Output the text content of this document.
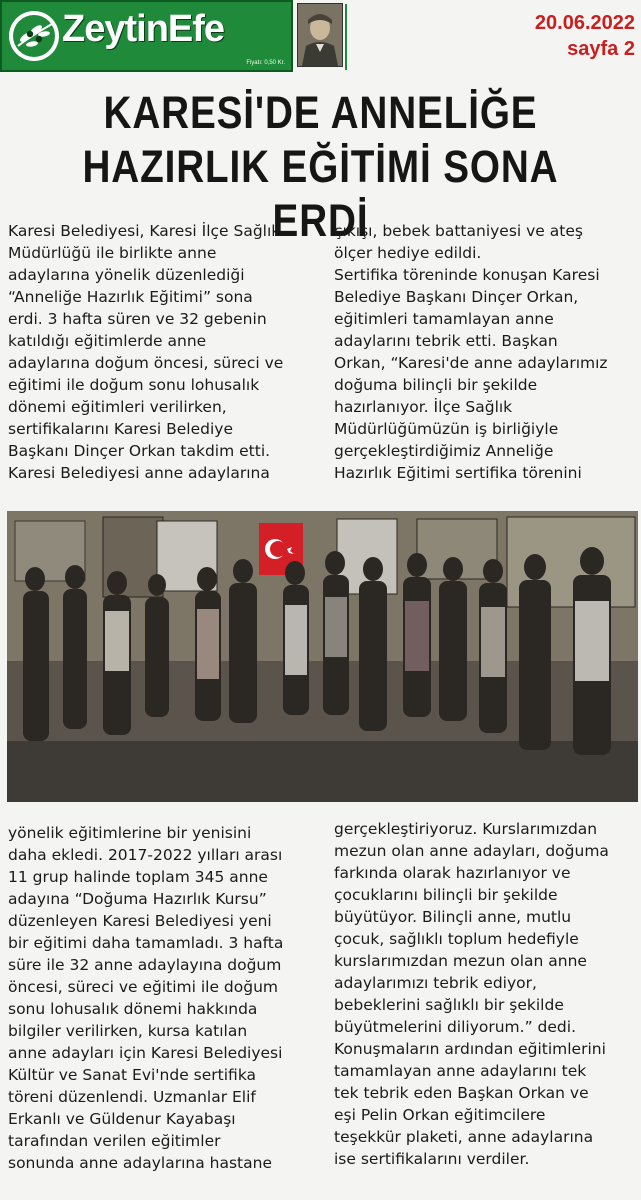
ZeytinEfe
Fiyatı: 0,50 Kr.
20.06.2022
sayfa 2
KARESİ'DE ANNELİĞE
HAZIRLIK EĞİTİMİ SONA ERDİ

Karesi Belediyesi, Karesi İlçe Sağlık

Müdürlüğü ile birlikte anne

adaylarına yönelik düzenlediği

“Anneliğe Hazırlık Eğitimi” sona

erdi. 3 hafta süren ve 32 gebenin

katıldığı eğitimlerde anne

adaylarına doğum öncesi, süreci ve

eğitimi ile doğum sonu lohusalık

dönemi eğitimleri verilirken,

sertifikalarını Karesi Belediye

Başkanı Dinçer Orkan takdim etti.

Karesi Belediyesi anne adaylarına

çıkışı, bebek battaniyesi ve ateş

ölçer hediye edildi.

Sertifika töreninde konuşan Karesi

Belediye Başkanı Dinçer Orkan,

eğitimleri tamamlayan anne

adaylarını tebrik etti. Başkan

Orkan, “Karesi'de anne adaylarımız

doğuma bilinçli bir şekilde

hazırlanıyor. İlçe Sağlık

Müdürlüğümüzün iş birliğiyle

gerçekleştirdiğimiz Anneliğe

Hazırlık Eğitimi sertifika törenini

yönelik eğitimlerine bir yenisini

daha ekledi. 2017-2022 yılları arası

11 grup halinde toplam 345 anne

adayına “Doğuma Hazırlık Kursu”

düzenleyen Karesi Belediyesi yeni

bir eğitimi daha tamamladı. 3 hafta

süre ile 32 anne adaylayına doğum

öncesi, süreci ve eğitimi ile doğum

sonu lohusalık dönemi hakkında

bilgiler verilirken, kursa katılan

anne adayları için Karesi Belediyesi

Kültür ve Sanat Evi'nde sertifika

töreni düzenlendi. Uzmanlar Elif

Erkanlı ve Güldenur Kayabaşı

tarafından verilen eğitimler

sonunda anne adaylarına hastane

gerçekleştiriyoruz. Kurslarımızdan

mezun olan anne adayları, doğuma

farkında olarak hazırlanıyor ve

çocuklarını bilinçli bir şekilde

büyütüyor. Bilinçli anne, mutlu

çocuk, sağlıklı toplum hedefiyle

kurslarımızdan mezun olan anne

adaylarımızı tebrik ediyor,

bebeklerini sağlıklı bir şekilde

büyütmelerini diliyorum.” dedi.

Konuşmaların ardından eğitimlerini

tamamlayan anne adaylarını tek

tek tebrik eden Başkan Orkan ve

eşi Pelin Orkan eğitimcilere

teşekkür plaketi, anne adaylarına

ise sertifikalarını verdiler.
